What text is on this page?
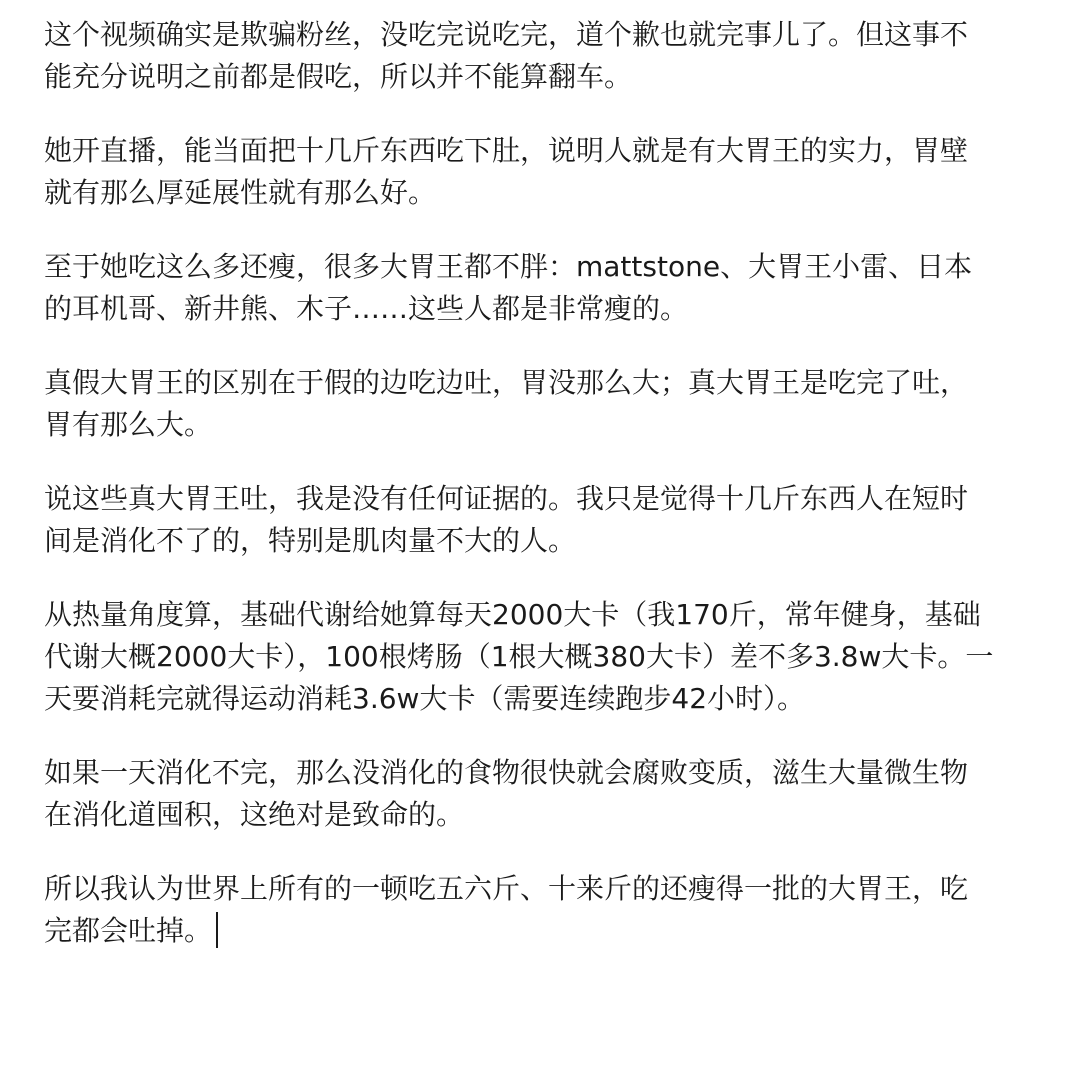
这个视频确实是欺骗粉丝，没吃完说吃完，道个歉也就完事儿了。但这事不能充分说明之前都是假吃，所以并不能算翻车。

她开直播，能当面把十几斤东西吃下肚，说明人就是有大胃王的实力，胃壁就有那么厚延展性就有那么好。

至于她吃这么多还瘦，很多大胃王都不胖：mattstone、大胃王小雷、日本的耳机哥、新井熊、木子……这些人都是非常瘦的。

真假大胃王的区别在于假的边吃边吐，胃没那么大；真大胃王是吃完了吐，胃有那么大。

说这些真大胃王吐，我是没有任何证据的。我只是觉得十几斤东西人在短时间是消化不了的，特别是肌肉量不大的人。

从热量角度算，基础代谢给她算每天2000大卡（我170斤，常年健身，基础代谢大概2000大卡），100根烤肠（1根大概380大卡）差不多3.8w大卡。一天要消耗完就得运动消耗3.6w大卡（需要连续跑步42小时）。

如果一天消化不完，那么没消化的食物很快就会腐败变质，滋生大量微生物在消化道囤积，这绝对是致命的。

所以我认为世界上所有的一顿吃五六斤、十来斤的还瘦得一批的大胃王，吃完都会吐掉。
